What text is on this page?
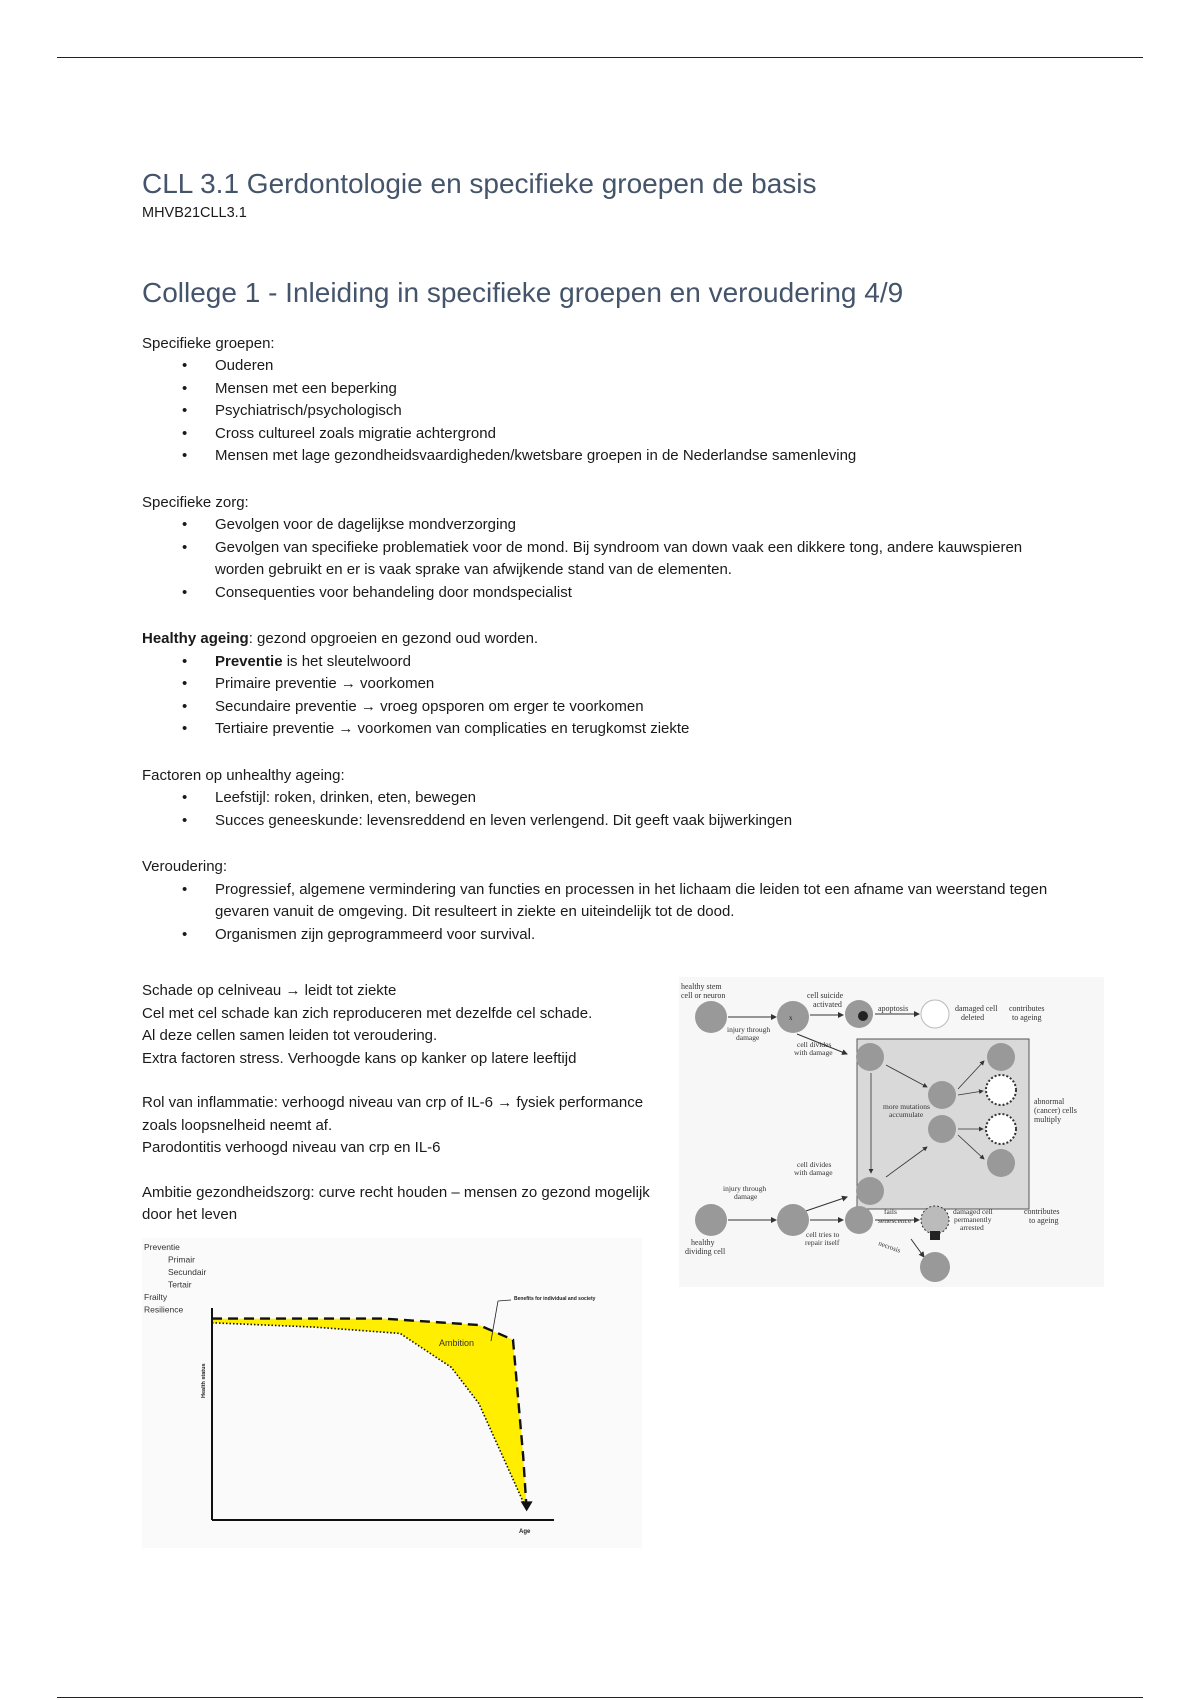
CLL 3.1 Gerdontologie en specifieke groepen de basis

MHVB21CLL3.1

College 1 - Inleiding in specifieke groepen en veroudering 4/9

Specifieke groepen:

• Ouderen
• Mensen met een beperking
• Psychiatrisch/psychologisch
• Cross cultureel zoals migratie achtergrond
• Mensen met lage gezondheidsvaardigheden/kwetsbare groepen in de Nederlandse samenleving

Specifieke zorg:

• Gevolgen voor de dagelijkse mondverzorging
• Gevolgen van specifieke problematiek voor de mond. Bij syndroom van down vaak een dikkere tong, andere kauwspieren worden gebruikt en er is vaak sprake van afwijkende stand van de elementen.
• Consequenties voor behandeling door mondspecialist

Healthy ageing: gezond opgroeien en gezond oud worden.

• Preventie is het sleutelwoord
• Primaire preventie → voorkomen
• Secundaire preventie → vroeg opsporen om erger te voorkomen
• Tertiaire preventie → voorkomen van complicaties en terugkomst ziekte

Factoren op unhealthy ageing:

• Leefstijl: roken, drinken, eten, bewegen
• Succes geneeskunde: levensreddend en leven verlengend. Dit geeft vaak bijwerkingen

Veroudering:

• Progressief, algemene vermindering van functies en processen in het lichaam die leiden tot een afname van weerstand tegen gevaren vanuit de omgeving. Dit resulteert in ziekte en uiteindelijk tot de dood.
• Organismen zijn geprogrammeerd voor survival.

Schade op celniveau → leidt tot ziekte

Cel met cel schade kan zich reproduceren met dezelfde cel schade.

Al deze cellen samen leiden tot veroudering.

Extra factoren stress. Verhoogde kans op kanker op latere leeftijd

Rol van inflammatie: verhoogd niveau van crp of IL-6 → fysiek performance zoals loopsnelheid neemt af.

Parodontitis verhoogd niveau van crp en IL-6

Ambitie gezondheidszorg: curve recht houden – mensen zo gezond mogelijk door het leven

healthy stem
cell or neuron
injury through
damage
x
cell suicide
activated	apoptosis	damaged cell
deleted
contributes
to ageing
cell divides
with damage
more mutations
accumulate
abnormal
(cancer) cells
multiply
cell divides
with damage
injury through
damage
healthy
dividing cell
cell tries to
repair itself
fails
senescence
damaged cell
permanently
arrested
contributes
to ageing
necrosis
Preventie
Primair
Secundair
Tertair
Frailty
Resilience
Health status
Age
Ambition
Benefits for individual and society
